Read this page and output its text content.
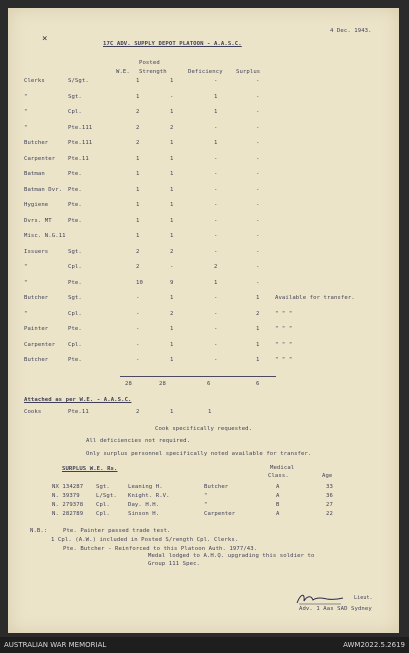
×
4 Dec. 1943.
17C ADV. SUPPLY DEPOT PLATOON - A.A.S.C.
Posted
W.E. Strength	Deficiency Surplus
Clerks	S/Sgt.	1	1	-	-
"	Sgt.	1	-	1	-
"	Cpl.	2	1	1	-
"	Pte.111	2	2	-	-
Butcher	Pte.111	2	1	1	-
Carpenter Pte.11	1	1	-	-
Batman	Pte.	1	1	-	-
Batman Dvr. Pte.	1	1	-	-
Hygiene	Pte.	1	1	-	-
Dvrs. MT	Pte.	1	1	-	-
Misc. N.G.11	1	1	-	-
Issuers	Sgt.	2	2	-	-
"	Cpl.	2	-	2	-
"	Pte.	10	9	1	-
Butcher	Sgt.	-	1	-	1	Available for transfer.
"	Cpl.	-	2	-	2	" " "
Painter	Pte.	-	1	-	1	" " "
Carpenter Cpl.	-	1	-	1	" " "
Butcher	Pte.	-	1	-	1	" " "
28	28	6	6
Attached as per W.E. - A.A.S.C.
Cooks	Pte.11	2	1	1
Cook specifically requested.
All deficiencies not required.
Only surplus personnel specifically noted available for transfer.
SURPLUS W.E. Rs.	Medical
Class.	Age
NX 134287 Sgt.	Leaning H.	Butcher	A	33
N. 39379	L/Sgt. Knight. R.V.	"	A	36
N. 279378 Cpl.	Day. H.H.	"	B	27
N. 282789 Cpl.	Sinson H.	Carpenter	A	22
N.B.:	Pte. Painter passed trade test.
1 Cpl. (A.W.) included in Posted S/rength Cpl. Clerks.
Pte. Butcher - Reinforced to this Platoon Auth. 1977/43.
Medal lodged to A.H.Q. upgrading this soldier to
Group 111 Spec.
Lieut.
Adv. 1 Aas SAD Sydney
AUSTRALIAN WAR MEMORIAL	AWM2022.5.2619
